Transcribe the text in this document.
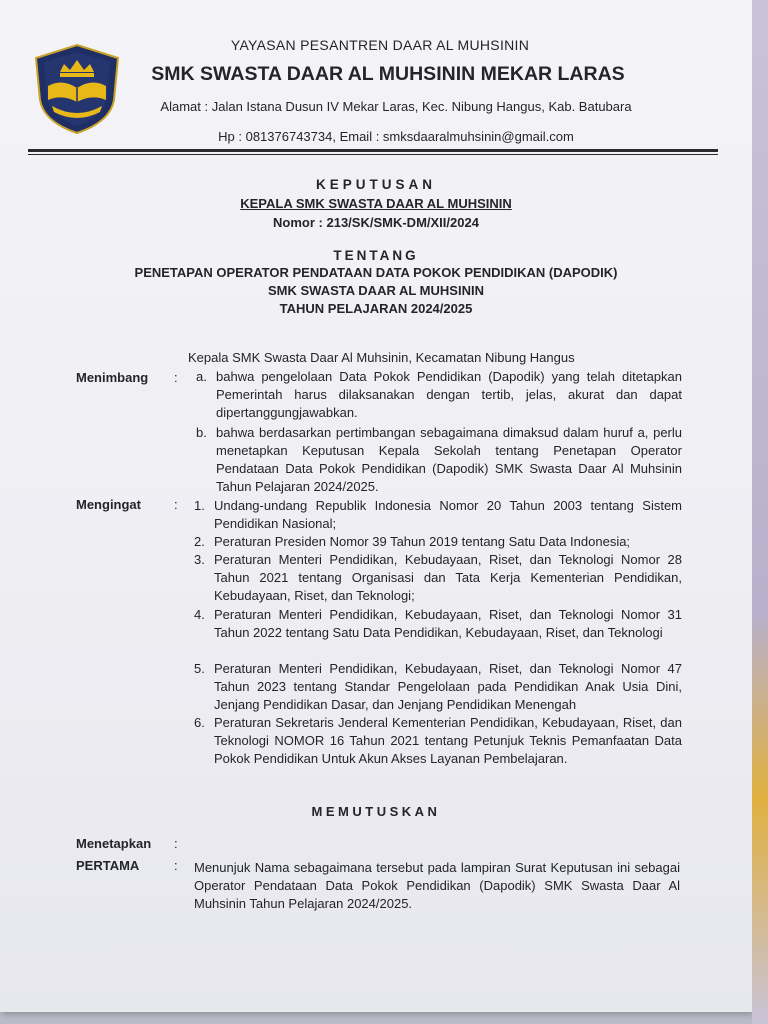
YAYASAN PESANTREN DAAR AL MUHSININ
SMK SWASTA DAAR AL MUHSININ MEKAR LARAS
Alamat : Jalan Istana Dusun IV Mekar Laras, Kec. Nibung Hangus, Kab. Batubara
Hp : 081376743734, Email : smksdaaralmuhsinin@gmail.com
KEPUTUSAN
KEPALA SMK SWASTA DAAR AL MUHSININ
Nomor : 213/SK/SMK-DM/XII/2024
TENTANG
PENETAPAN OPERATOR PENDATAAN DATA POKOK PENDIDIKAN (DAPODIK)
SMK SWASTA DAAR AL MUHSININ
TAHUN PELAJARAN 2024/2025
Kepala SMK Swasta Daar Al Muhsinin, Kecamatan Nibung Hangus
Menimbang : a. bahwa pengelolaan Data Pokok Pendidikan (Dapodik) yang telah ditetapkan Pemerintah harus dilaksanakan dengan tertib, jelas, akurat dan dapat dipertanggungjawabkan.
b. bahwa berdasarkan pertimbangan sebagaimana dimaksud dalam huruf a, perlu menetapkan Keputusan Kepala Sekolah tentang Penetapan Operator Pendataan Data Pokok Pendidikan (Dapodik) SMK Swasta Daar Al Muhsinin Tahun Pelajaran 2024/2025.
Mengingat	: 1. Undang-undang Republik Indonesia Nomor 20 Tahun 2003 tentang Sistem Pendidikan Nasional;
2. Peraturan Presiden Nomor 39 Tahun 2019 tentang Satu Data Indonesia;
3. Peraturan Menteri Pendidikan, Kebudayaan, Riset, dan Teknologi Nomor 28 Tahun 2021 tentang Organisasi dan Tata Kerja Kementerian Pendidikan, Kebudayaan, Riset, dan Teknologi;
4. Peraturan Menteri Pendidikan, Kebudayaan, Riset, dan Teknologi Nomor 31 Tahun 2022 tentang Satu Data Pendidikan, Kebudayaan, Riset, dan Teknologi
5. Peraturan Menteri Pendidikan, Kebudayaan, Riset, dan Teknologi Nomor 47 Tahun 2023 tentang Standar Pengelolaan pada Pendidikan Anak Usia Dini, Jenjang Pendidikan Dasar, dan Jenjang Pendidikan Menengah
6. Peraturan Sekretaris Jenderal Kementerian Pendidikan, Kebudayaan, Riset, dan Teknologi NOMOR 16 Tahun 2021 tentang Petunjuk Teknis Pemanfaatan Data Pokok Pendidikan Untuk Akun Akses Layanan Pembelajaran.
MEMUTUSKAN
Menetapkan :
PERTAMA	: Menunjuk Nama sebagaimana tersebut pada lampiran Surat Keputusan ini sebagai Operator Pendataan Data Pokok Pendidikan (Dapodik) SMK Swasta Daar Al Muhsinin Tahun Pelajaran 2024/2025.
